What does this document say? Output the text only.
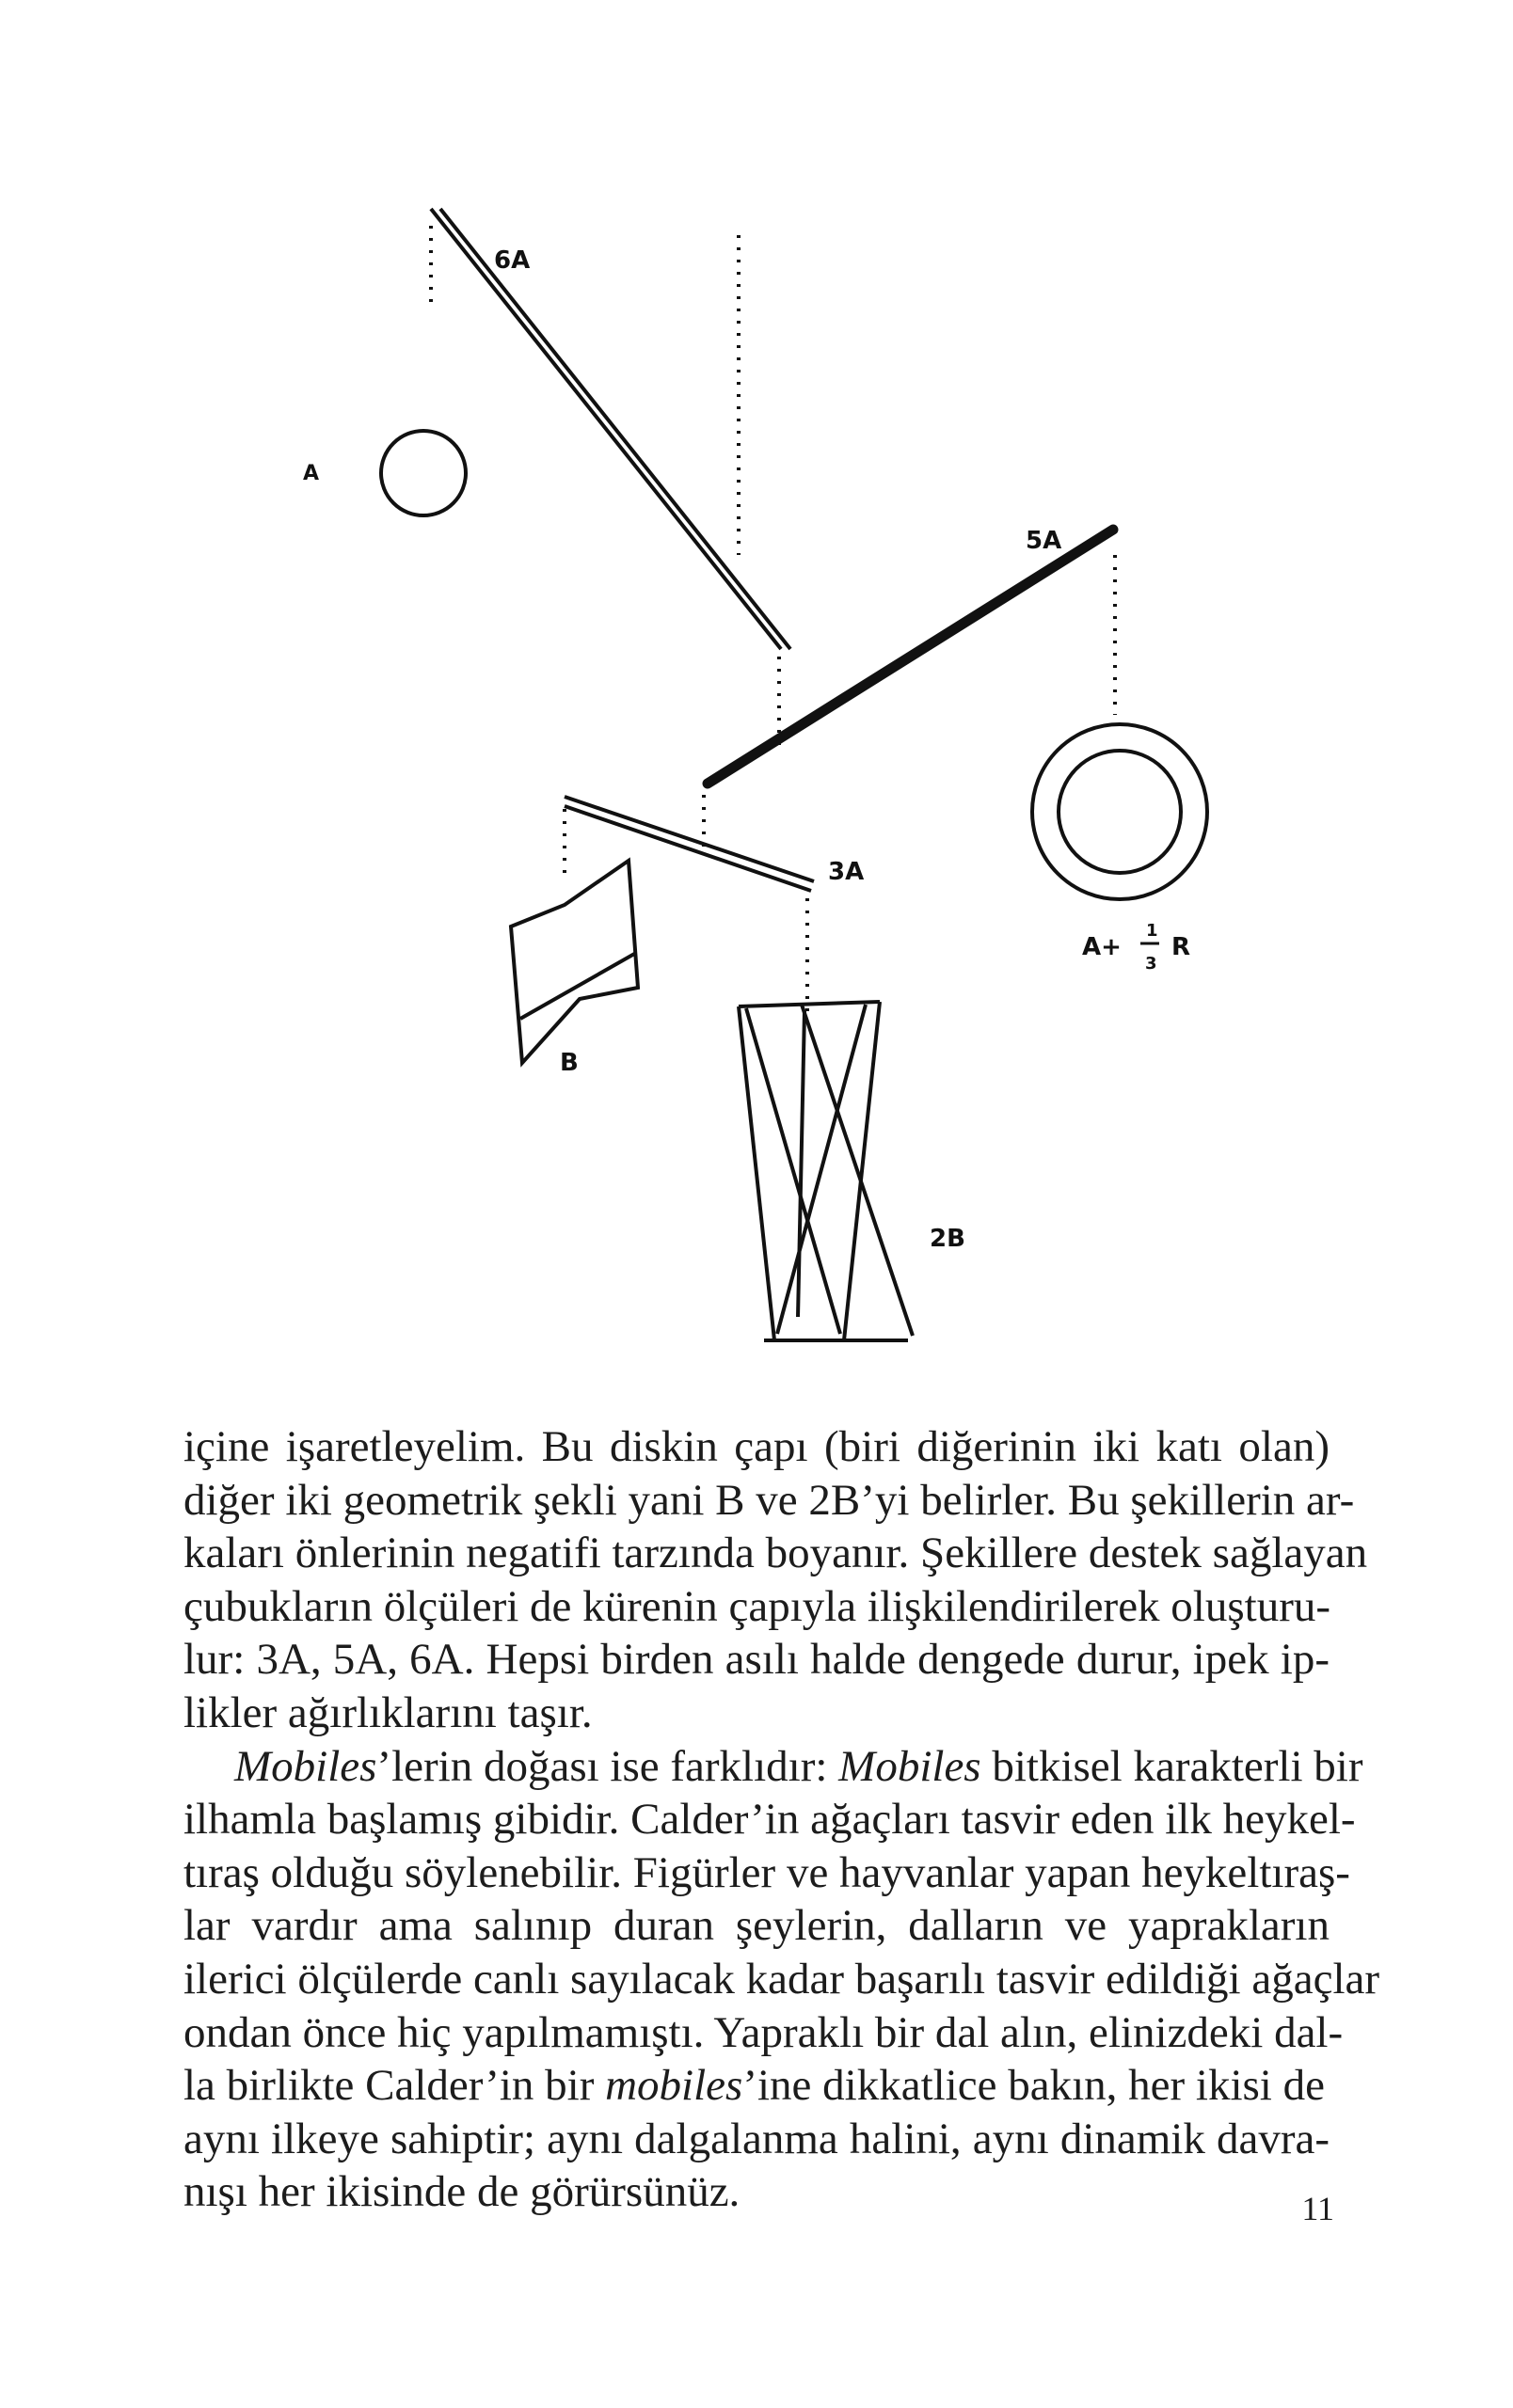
6A
A
5A
A+
1
3
R
3A
B
2B
içine işaretleyelim. Bu diskin çapı (biri diğerinin iki katı olan)
diğer iki geometrik şekli yani B ve 2B’yi belirler. Bu şekillerin ar-
kaları önlerinin negatifi tarzında boyanır. Şekillere destek sağlayan
çubukların ölçüleri de kürenin çapıyla ilişkilendirilerek oluşturu-
lur: 3A, 5A, 6A. Hepsi birden asılı halde dengede durur, ipek ip-
likler ağırlıklarını taşır.
Mobiles’lerin doğası ise farklıdır: Mobiles bitkisel karakterli bir
ilhamla başlamış gibidir. Calder’in ağaçları tasvir eden ilk heykel-
tıraş olduğu söylenebilir. Figürler ve hayvanlar yapan heykeltıraş-
lar vardır ama salınıp duran şeylerin, dalların ve yaprakların
ilerici ölçülerde canlı sayılacak kadar başarılı tasvir edildiği ağaçlar
ondan önce hiç yapılmamıştı. Yapraklı bir dal alın, elinizdeki dal-
la birlikte Calder’in bir mobiles’ine dikkatlice bakın, her ikisi de
aynı ilkeye sahiptir; aynı dalgalanma halini, aynı dinamik davra-
nışı her ikisinde de görürsünüz.	11
